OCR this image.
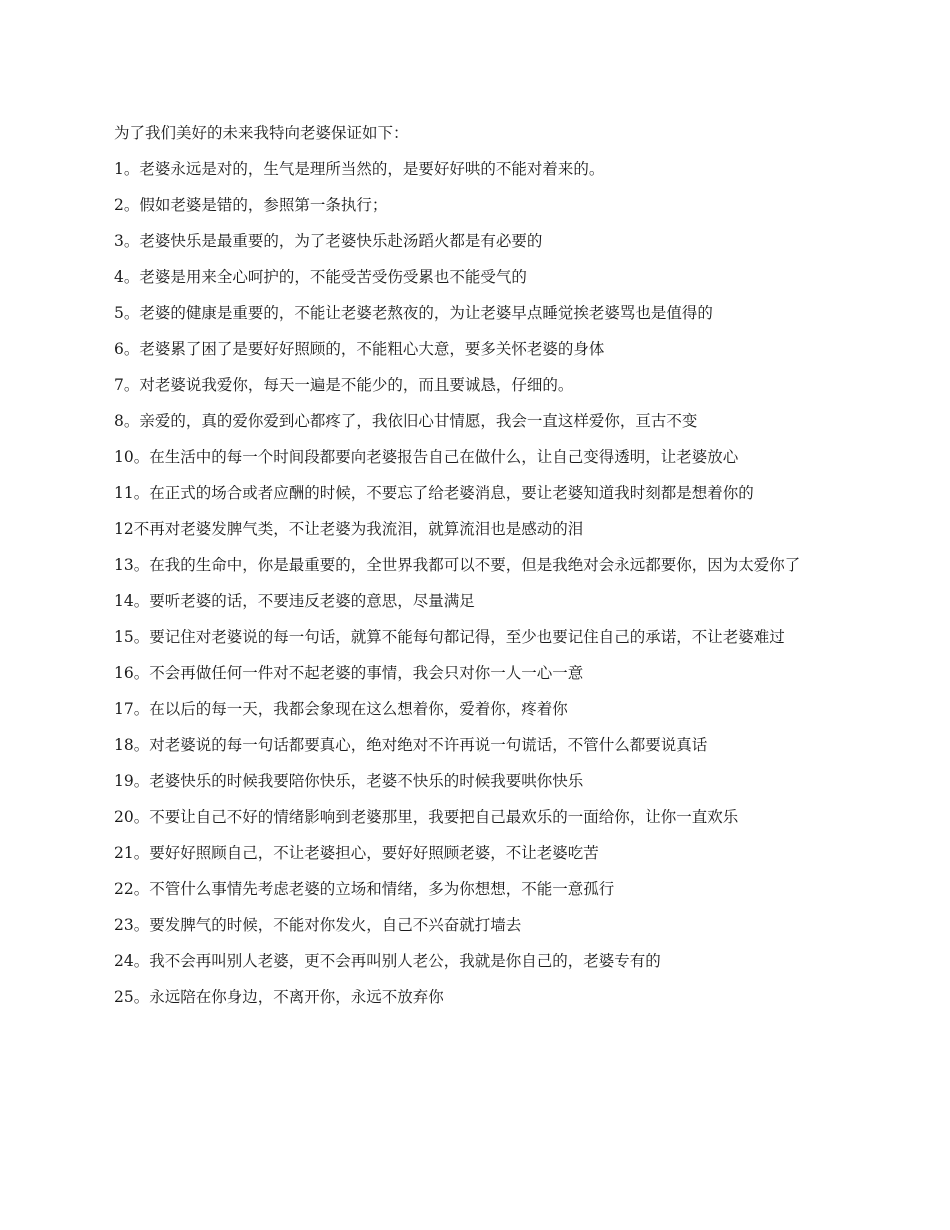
为了我们美好的未来我特向老婆保证如下：

1。老婆永远是对的，生气是理所当然的，是要好好哄的不能对着来的。

2。假如老婆是错的，参照第一条执行；

3。老婆快乐是最重要的，为了老婆快乐赴汤蹈火都是有必要的

4。老婆是用来全心呵护的，不能受苦受伤受累也不能受气的

5。老婆的健康是重要的，不能让老婆老熬夜的，为让老婆早点睡觉挨老婆骂也是值得的

6。老婆累了困了是要好好照顾的，不能粗心大意，要多关怀老婆的身体

7。对老婆说我爱你，每天一遍是不能少的，而且要诚恳，仔细的。

8。亲爱的，真的爱你爱到心都疼了，我依旧心甘情愿，我会一直这样爱你，亘古不变

10。在生活中的每一个时间段都要向老婆报告自己在做什么，让自己变得透明，让老婆放心

11。在正式的场合或者应酬的时候，不要忘了给老婆消息，要让老婆知道我时刻都是想着你的

12不再对老婆发脾气类，不让老婆为我流泪，就算流泪也是感动的泪

13。在我的生命中，你是最重要的，全世界我都可以不要，但是我绝对会永远都要你，因为太爱你了

14。要听老婆的话，不要违反老婆的意思，尽量满足

15。要记住对老婆说的每一句话，就算不能每句都记得，至少也要记住自己的承诺，不让老婆难过

16。不会再做任何一件对不起老婆的事情，我会只对你一人一心一意

17。在以后的每一天，我都会象现在这么想着你，爱着你，疼着你

18。对老婆说的每一句话都要真心，绝对绝对不许再说一句谎话，不管什么都要说真话

19。老婆快乐的时候我要陪你快乐，老婆不快乐的时候我要哄你快乐

20。不要让自己不好的情绪影响到老婆那里，我要把自己最欢乐的一面给你，让你一直欢乐

21。要好好照顾自己，不让老婆担心，要好好照顾老婆，不让老婆吃苦

22。不管什么事情先考虑老婆的立场和情绪，多为你想想，不能一意孤行

23。要发脾气的时候，不能对你发火，自己不兴奋就打墙去

24。我不会再叫别人老婆，更不会再叫别人老公，我就是你自己的，老婆专有的

25。永远陪在你身边，不离开你，永远不放弃你
